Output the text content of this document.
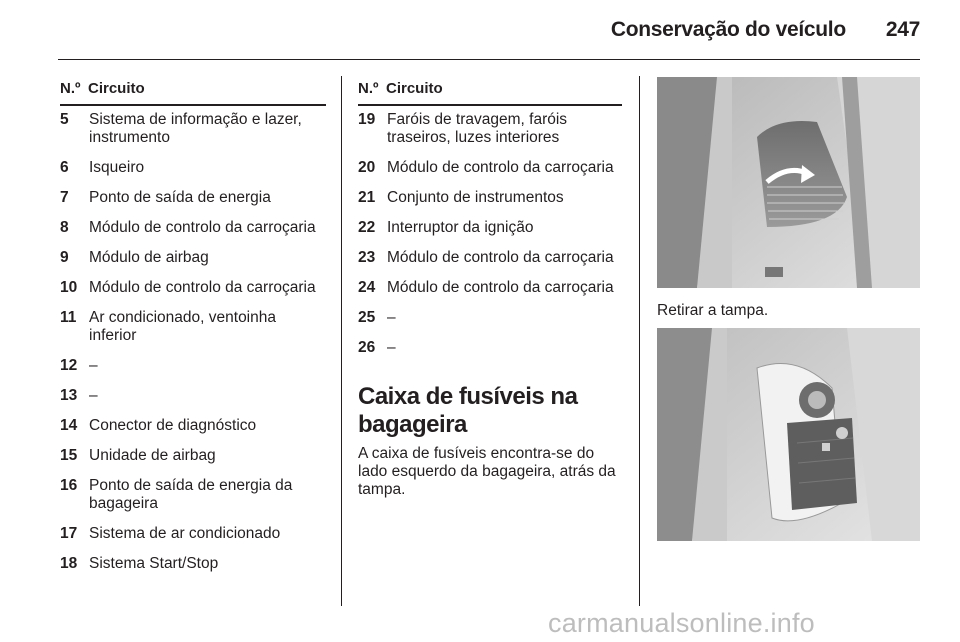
Conservação do veículo 247
N.º Circuito
5	Sistema de informação e lazer, instrumento
6	Isqueiro
7	Ponto de saída de energia
8	Módulo de controlo da carroçaria
9	Módulo de airbag
10 Módulo de controlo da carroçaria
11 Ar condicionado, ventoinha inferior
12 –
13 –
14 Conector de diagnóstico
15 Unidade de airbag
16 Ponto de saída de energia da bagageira
17 Sistema de ar condicionado
18 Sistema Start/Stop
N.º Circuito
19 Faróis de travagem, faróis traseiros, luzes interiores
20 Módulo de controlo da carroçaria
21 Conjunto de instrumentos
22 Interruptor da ignição
23 Módulo de controlo da carroçaria
24 Módulo de controlo da carroçaria
25 –
26 –
Caixa de fusíveis na bagageira
A caixa de fusíveis encontra-se do lado esquerdo da bagageira, atrás da tampa.
Retirar a tampa.
carmanualsonline.info
